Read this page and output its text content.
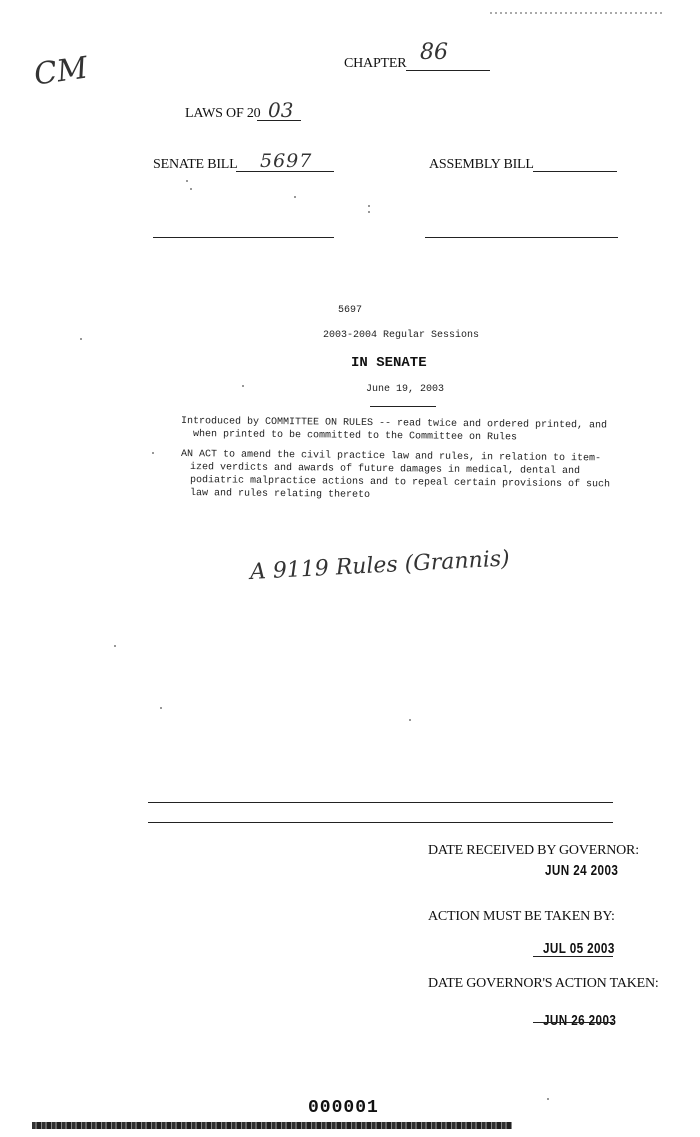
CM	CHAPTER 86
LAWS OF 20 03
SENATE BILL 5697	ASSEMBLY BILL
5697
2003-2004 Regular Sessions
IN SENATE
June 19, 2003
Introduced by COMMITTEE ON RULES -- read twice and ordered printed, and
when printed to be committed to the Committee on Rules
AN ACT to amend the civil practice law and rules, in relation to item-
ized verdicts and awards of future damages in medical, dental and
podiatric malpractice actions and to repeal certain provisions of such
law and rules relating thereto
A 9119 Rules (Grannis)
DATE RECEIVED BY GOVERNOR:
JUN 24 2003
ACTION MUST BE TAKEN BY:
JUL 05 2003
DATE GOVERNOR'S ACTION TAKEN:
JUN 26 2003
000001
